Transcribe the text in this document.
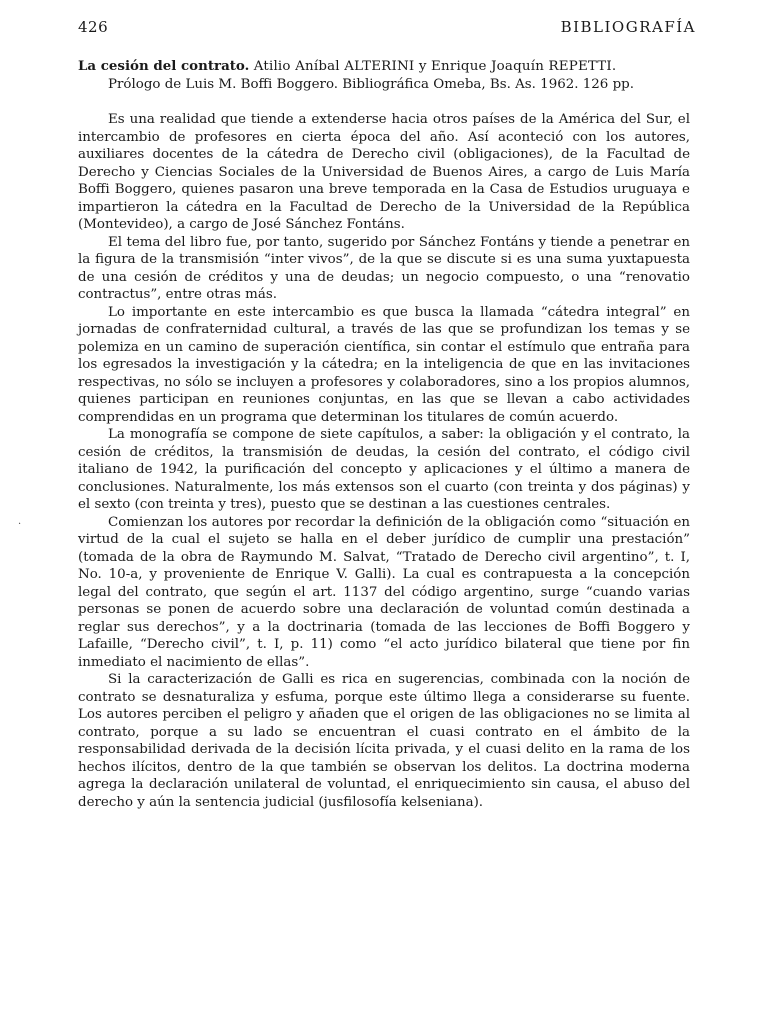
426	BIBLIOGRAFÍA
·
La cesión del contrato. Atilio Aníbal ALTERINI y Enrique Joaquín REPETTI.
Prólogo de Luis M. Boffi Boggero. Bibliográfica Omeba, Bs. As. 1962. 126 pp.

Es una realidad que tiende a extenderse hacia otros países de la América del Sur, el intercambio de profesores en cierta época del año. Así aconteció con los autores, auxiliares docentes de la cátedra de Derecho civil (obligaciones), de la Facultad de Derecho y Ciencias Sociales de la Universidad de Buenos Aires, a cargo de Luis María Boffi Boggero, quienes pasaron una breve temporada en la Casa de Estudios uruguaya e impartieron la cátedra en la Facultad de Derecho de la Universidad de la República (Montevideo), a cargo de José Sánchez Fontáns.

El tema del libro fue, por tanto, sugerido por Sánchez Fontáns y tiende a penetrar en la figura de la transmisión “inter vivos”, de la que se discute si es una suma yuxtapuesta de una cesión de créditos y una de deudas; un negocio compuesto, o una “renovatio contractus”, entre otras más.

Lo importante en este intercambio es que busca la llamada “cátedra integral” en jornadas de confraternidad cultural, a través de las que se profundizan los temas y se polemiza en un camino de superación científica, sin contar el estímulo que entraña para los egresados la investigación y la cátedra; en la inteligencia de que en las invitaciones respectivas, no sólo se incluyen a profesores y colaboradores, sino a los propios alumnos, quienes participan en reuniones conjuntas, en las que se llevan a cabo actividades comprendidas en un programa que determinan los titulares de común acuerdo.

La monografía se compone de siete capítulos, a saber: la obligación y el contrato, la cesión de créditos, la transmisión de deudas, la cesión del contrato, el código civil italiano de 1942, la purificación del concepto y aplicaciones y el último a manera de conclusiones. Naturalmente, los más extensos son el cuarto (con treinta y dos páginas) y el sexto (con treinta y tres), puesto que se destinan a las cuestiones centrales.

Comienzan los autores por recordar la definición de la obligación como “situación en virtud de la cual el sujeto se halla en el deber jurídico de cumplir una prestación” (tomada de la obra de Raymundo M. Salvat, “Tratado de Derecho civil argentino”, t. I, No. 10-a, y proveniente de Enrique V. Galli). La cual es contrapuesta a la concepción legal del contrato, que según el art. 1137 del código argentino, surge “cuando varias personas se ponen de acuerdo sobre una declaración de voluntad común destinada a reglar sus derechos”, y a la doctrinaria (tomada de las lecciones de Boffi Boggero y Lafaille, “Derecho civil”, t. I, p. 11) como “el acto jurídico bilateral que tiene por fin inmediato el nacimiento de ellas”.

Si la caracterización de Galli es rica en sugerencias, combinada con la noción de contrato se desnaturaliza y esfuma, porque este último llega a considerarse su fuente. Los autores perciben el peligro y añaden que el origen de las obligaciones no se limita al contrato, porque a su lado se encuentran el cuasi contrato en el ámbito de la responsabilidad derivada de la decisión lícita privada, y el cuasi delito en la rama de los hechos ilícitos, dentro de la que también se observan los delitos. La doctrina moderna agrega la declaración unilateral de voluntad, el enriquecimiento sin causa, el abuso del derecho y aún la sentencia judicial (jusfilosofía kelseniana).
